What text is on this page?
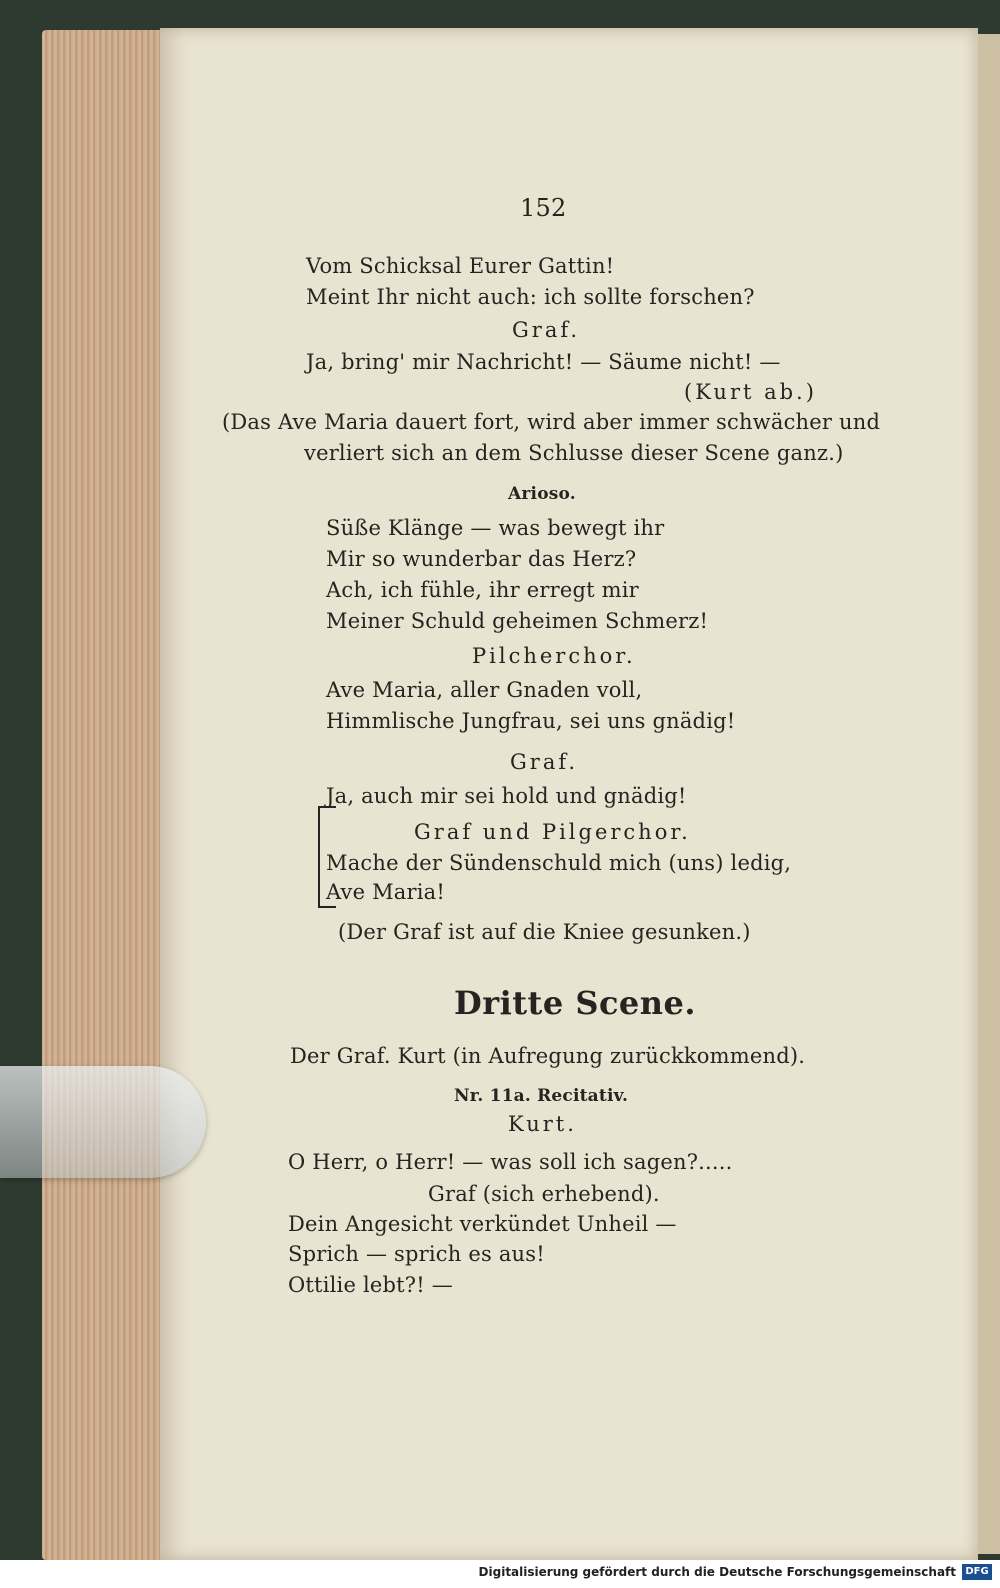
152
Vom Schicksal Eurer Gattin!
Meint Ihr nicht auch: ich sollte forschen?
Graf.
Ja, bring' mir Nachricht! — Säume nicht! —
(Kurt ab.)
(Das Ave Maria dauert fort, wird aber immer schwächer und
verliert sich an dem Schlusse dieser Scene ganz.)
Arioso.
Süße Klänge — was bewegt ihr
Mir so wunderbar das Herz?
Ach, ich fühle, ihr erregt mir
Meiner Schuld geheimen Schmerz!
Pilcherchor.
Ave Maria, aller Gnaden voll,
Himmlische Jungfrau, sei uns gnädig!
Graf.
Ja, auch mir sei hold und gnädig!
Graf und Pilgerchor.
Mache der Sündenschuld mich (uns) ledig,
Ave Maria!
(Der Graf ist auf die Kniee gesunken.)
Dritte Scene.
Der Graf. Kurt (in Aufregung zurückkommend).
Nr. 11a. Recitativ.
Kurt.
O Herr, o Herr! — was soll ich sagen?.....
Graf (sich erhebend).
Dein Angesicht verkündet Unheil —
Sprich — sprich es aus!
Ottilie lebt?! —
Digitalisierung gefördert durch die Deutsche Forschungsgemeinschaft DFG
